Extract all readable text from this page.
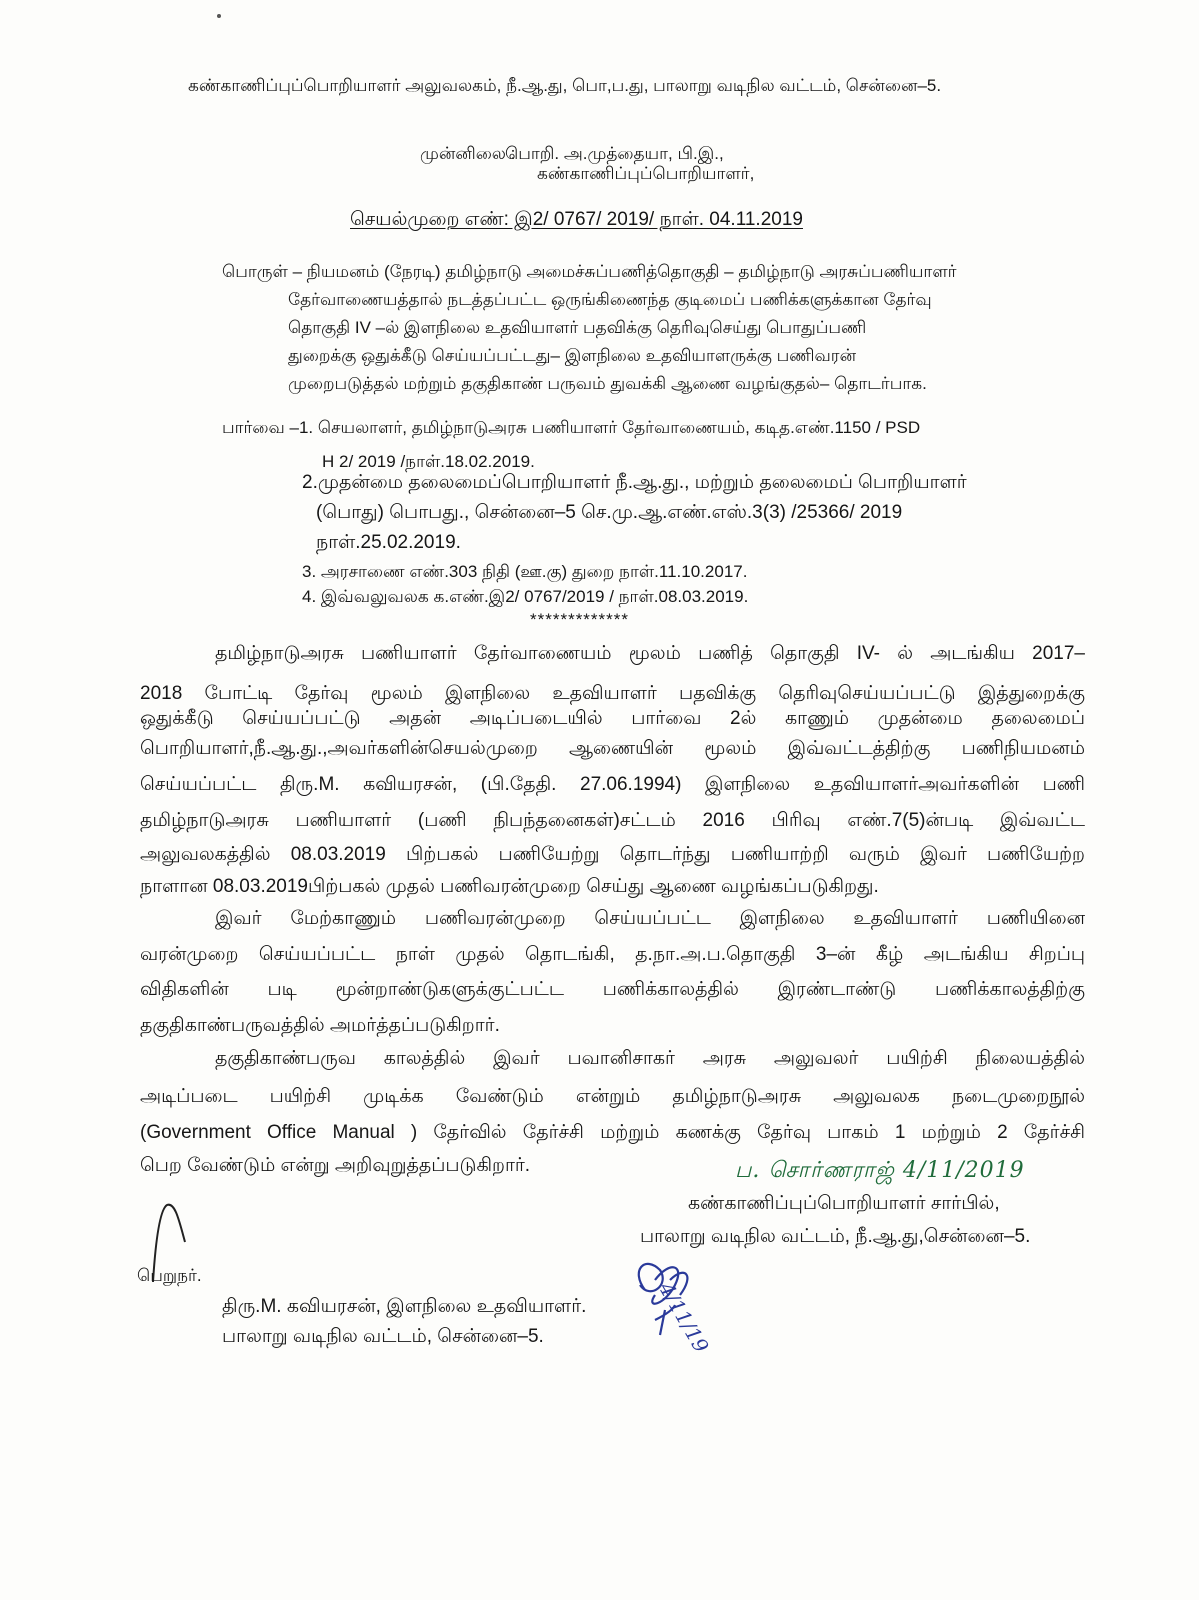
கண்காணிப்புப்பொறியாளர் அலுவலகம், நீ.ஆ.து, பொ,ப.து, பாலாறு வடிநில வட்டம், சென்னை–5.
முன்னிலை :
பொறி. அ.முத்தையா, பி.இ.,
கண்காணிப்புப்பொறியாளர்,
செயல்முறை எண்: இ2/ 0767/ 2019/ நாள். 04.11.2019
பொருள் – நியமனம் (நேரடி) தமிழ்நாடு அமைச்சுப்பணித்தொகுதி – தமிழ்நாடு அரசுப்பணியாளர்
தேர்வாணையத்தால் நடத்தப்பட்ட ஒருங்கிணைந்த குடிமைப் பணிக்களுக்கான தேர்வு
தொகுதி IV –ல் இளநிலை உதவியாளர் பதவிக்கு தெரிவுசெய்து பொதுப்பணி
துறைக்கு ஒதுக்கீடு செய்யப்பட்டது– இளநிலை உதவியாளருக்கு பணிவரன்
முறைபடுத்தல் மற்றும் தகுதிகாண் பருவம் துவக்கி ஆணை வழங்குதல்– தொடர்பாக.
பார்வை –1. செயலாளர், தமிழ்நாடுஅரசு பணியாளர் தேர்வாணையம், கடித.எண்.1150 / PSD
H 2/ 2019 /நாள்.18.02.2019.
2.முதன்மை தலைமைப்பொறியாளர் நீ.ஆ.து., மற்றும் தலைமைப் பொறியாளர்
(பொது) பொபது., சென்னை–5 செ.மு.ஆ.எண்.எஸ்.3(3) /25366/ 2019
நாள்.25.02.2019.
3. அரசாணை எண்.303 நிதி (ஊ.கு) துறை நாள்.11.10.2017.
4. இவ்வலுவலக க.எண்.இ2/ 0767/2019 / நாள்.08.03.2019.
*************
தமிழ்நாடுஅரசு பணியாளர் தேர்வாணையம் மூலம் பணித் தொகுதி IV- ல் அடங்கிய 2017–
2018 போட்டி தேர்வு மூலம் இளநிலை உதவியாளர் பதவிக்கு தெரிவுசெய்யப்பட்டு இத்துறைக்கு
ஒதுக்கீடு செய்யப்பட்டு அதன் அடிப்படையில் பார்வை 2ல் காணும் முதன்மை தலைமைப்
பொறியாளர்,நீ.ஆ.து.,அவர்களின்செயல்முறை ஆணையின் மூலம் இவ்வட்டத்திற்கு பணிநியமனம்
செய்யப்பட்ட திரு.M. கவியரசன், (பி.தேதி. 27.06.1994) இளநிலை உதவியாளர்அவர்களின் பணி
தமிழ்நாடுஅரசு பணியாளர் (பணி நிபந்தனைகள்)சட்டம் 2016 பிரிவு எண்.7(5)ன்படி இவ்வட்ட
அலுவலகத்தில் 08.03.2019 பிற்பகல் பணியேற்று தொடர்ந்து பணியாற்றி வரும் இவர் பணியேற்ற
நாளான 08.03.2019பிற்பகல் முதல் பணிவரன்முறை செய்து ஆணை வழங்கப்படுகிறது.
இவர் மேற்காணும் பணிவரன்முறை செய்யப்பட்ட இளநிலை உதவியாளர் பணியினை
வரன்முறை செய்யப்பட்ட நாள் முதல் தொடங்கி, த.நா.அ.ப.தொகுதி 3–ன் கீழ் அடங்கிய சிறப்பு
விதிகளின் படி மூன்றாண்டுகளுக்குட்பட்ட பணிக்காலத்தில் இரண்டாண்டு பணிக்காலத்திற்கு
தகுதிகாண்பருவத்தில் அமர்த்தப்படுகிறார்.
தகுதிகாண்பருவ காலத்தில் இவர் பவானிசாகர் அரசு அலுவலர் பயிற்சி நிலையத்தில்
அடிப்படை பயிற்சி முடிக்க வேண்டும் என்றும் தமிழ்நாடுஅரசு அலுவலக நடைமுறைநூல்
(Government Office Manual ) தேர்வில் தேர்ச்சி மற்றும் கணக்கு தேர்வு பாகம் 1 மற்றும் 2 தேர்ச்சி
பெற வேண்டும் என்று அறிவுறுத்தப்படுகிறார்.	ப. சொர்ணராஜ் 4/11/2019
கண்காணிப்புப்பொறியாளர் சார்பில்,
பாலாறு வடிநில வட்டம், நீ.ஆ.து,சென்னை–5.
4/11/19
பெறுநர்.
திரு.M. கவியரசன், இளநிலை உதவியாளர்.
பாலாறு வடிநில வட்டம், சென்னை–5.
